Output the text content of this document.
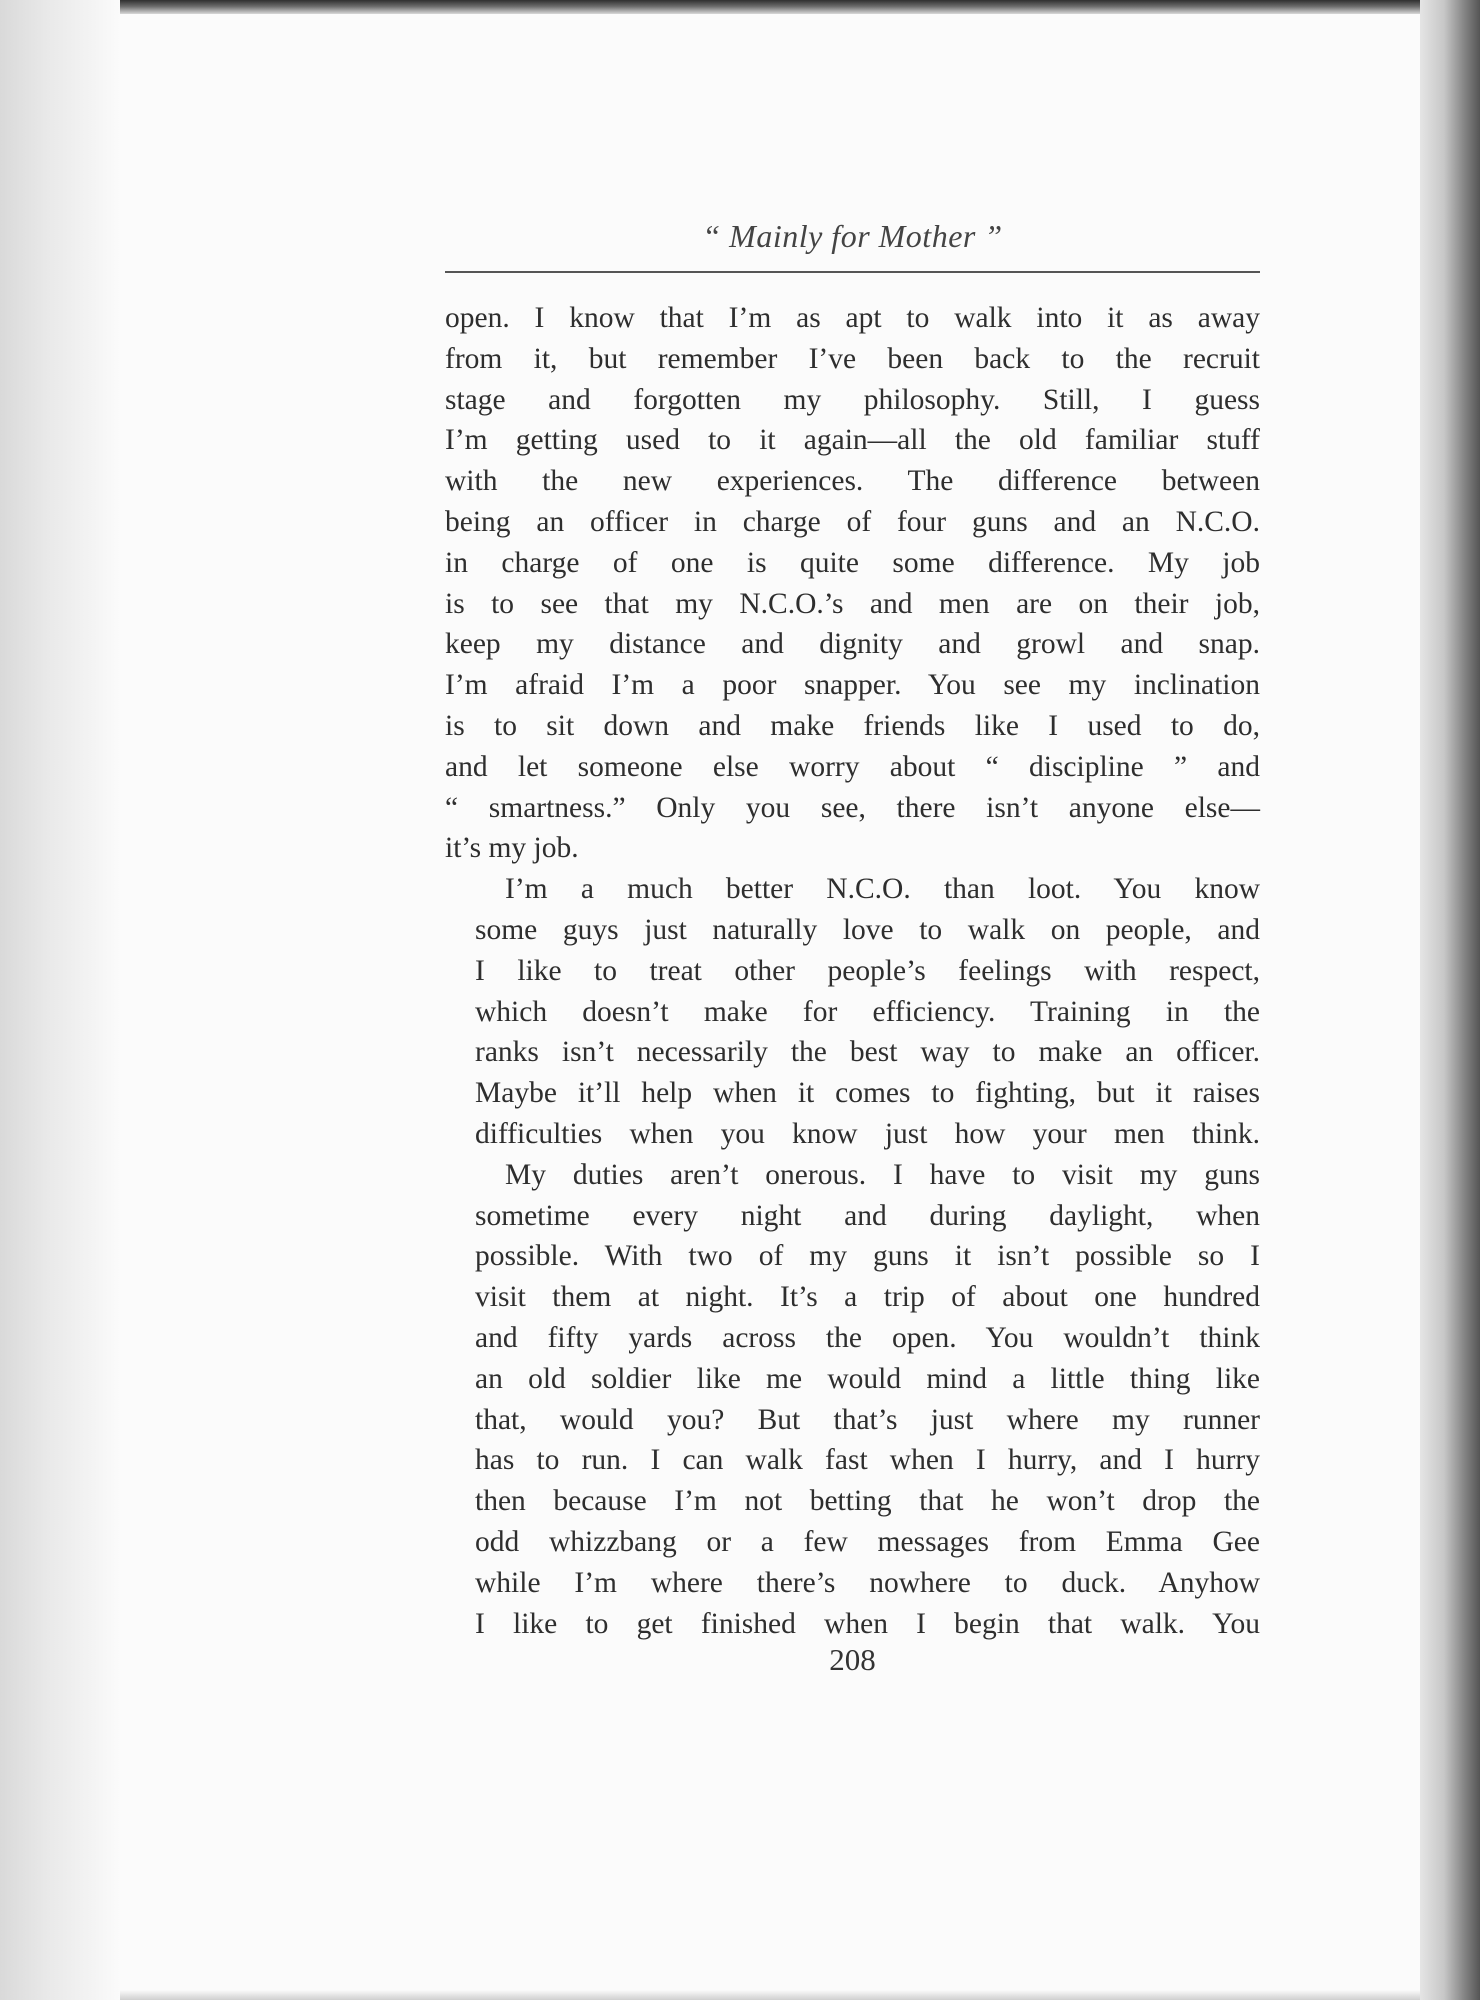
“ Mainly for Mother ”

open. I know that I’m as apt to walk into it as away
from it, but remember I’ve been back to the recruit
stage and forgotten my philosophy. Still, I guess
I’m getting used to it again—all the old familiar stuff
with the new experiences. The difference between
being an officer in charge of four guns and an N.C.O.
in charge of one is quite some difference. My job
is to see that my N.C.O.’s and men are on their job,
keep my distance and dignity and growl and snap.
I’m afraid I’m a poor snapper. You see my inclination
is to sit down and make friends like I used to do,
and let someone else worry about “ discipline ” and
“ smartness.” Only you see, there isn’t anyone else—
it’s my job.

I’m a much better N.C.O. than loot. You know

some guys just naturally love to walk on people, and
I like to treat other people’s feelings with respect,
which doesn’t make for efficiency. Training in the
ranks isn’t necessarily the best way to make an officer.
Maybe it’ll help when it comes to fighting, but it raises
difficulties when you know just how your men think.

My duties aren’t onerous. I have to visit my guns

sometime every night and during daylight, when
possible. With two of my guns it isn’t possible so I
visit them at night. It’s a trip of about one hundred
and fifty yards across the open. You wouldn’t think
an old soldier like me would mind a little thing like
that, would you? But that’s just where my runner
has to run. I can walk fast when I hurry, and I hurry
then because I’m not betting that he won’t drop the
odd whizzbang or a few messages from Emma Gee
while I’m where there’s nowhere to duck. Anyhow
I like to get finished when I begin that walk. You

208
